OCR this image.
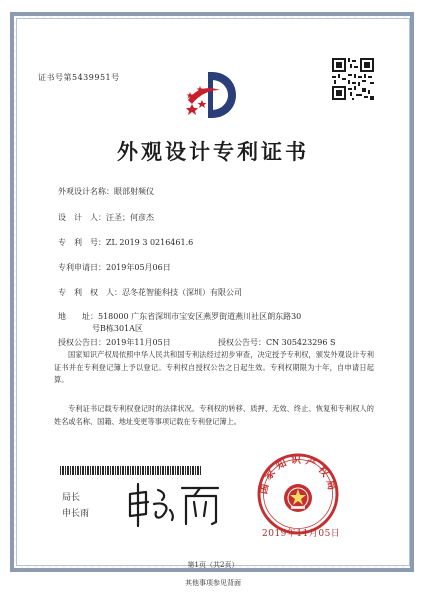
证书号第5439951号
外观设计专利证书
外观设计名称：眼部射频仪
设　计　人：汪圣；何彦杰
专　利　号：ZL 2019 3 0216461.6
专利申请日：2019年05月06日
专　利　权　人：忍冬花智能科技（深圳）有限公司
地　　址：518000 广东省深圳市宝安区燕罗街道燕川社区朗东路30
号B栋301A区
授权公告日：2019年11月05日	授权公告号：CN 305423296 S
国家知识产权局依照中华人民共和国专利法经过初步审查，决定授予专利权，颁发外观设计专利证书并在专利登记簿上予以登记。专利权自授权公告之日起生效。专利权期限为十年，自申请日起算。
专利证书记载专利权登记时的法律状况。专利权的转移、质押、无效、终止、恢复和专利权人的姓名或名称、国籍、地址变更等事项记载在专利登记簿上。
局长
申长雨
国家知识产权局
2019年11月05日
第1页（共2页）
其他事项参见背面
